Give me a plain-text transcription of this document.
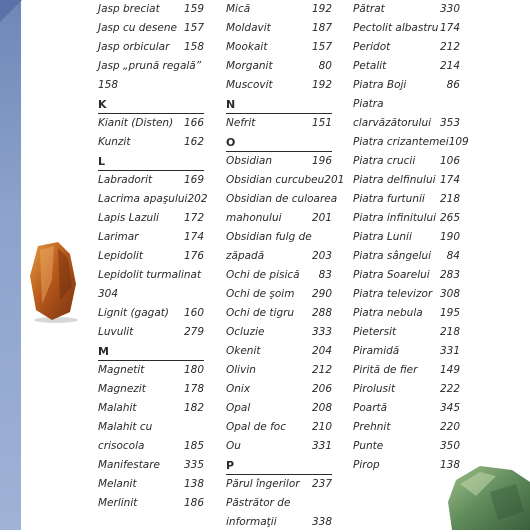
Jasp breciat 159
Jasp cu desene 157
Jasp orbicular 158
Jasp „prună regală”
158
K
Kianit (Disten) 166
Kunzit	162
L
Labradorit	169
Lacrima apaşului 202
Lapis Lazuli 172
Larimar	174
Lepidolit	176
Lepidolit turmalinat
304
Lignit (gagat) 160
Luvulit	279
M
Magnetit	180
Magnezit	178
Malahit	182
Malahit cu
crisocola	185
Manifestare 335
Melanit	138
Merlinit	186
Mică	192
Moldavit	187
Mookait	157
Morganit	80
Muscovit	192
N
Nefrit	151
O
Obsidian	196
Obsidian curcubeu 201
Obsidian de culoarea
mahonului	201
Obsidian fulg de
zăpadă	203
Ochi de pisică 83
Ochi de şoim 290
Ochi de tigru 288
Ocluzie	333
Okenit	204
Olivin	212
Onix	206
Opal	208
Opal de foc 210
Ou	331
P
Părul îngerilor 237
Păstrător de
informaţii	338
Pătrat	330
Pectolit albastru 174
Peridot	212
Petalit	214
Piatra Boji	86
Piatra
clarvăzătorului 353
Piatra crizantemei 109
Piatra crucii 106
Piatra delfinului 174
Piatra furtunii 218
Piatra infinitului 265
Piatra Lunii	190
Piatra sângelui 84
Piatra Soarelui 283
Piatra televizor 308
Piatra nebula 195
Pietersit	218
Piramidă	331
Pirită de fier 149
Pirolusit	222
Poartă	345
Prehnit	220
Punte	350
Pirop	138
